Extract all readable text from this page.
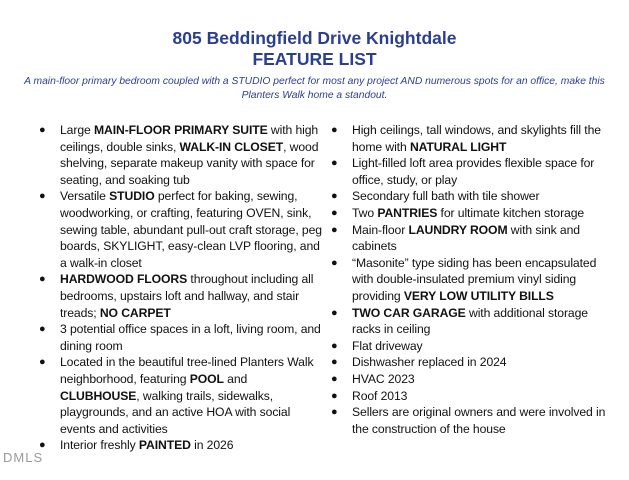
805 Beddingfield Drive Knightdale

FEATURE LIST

A main-floor primary bedroom coupled with a STUDIO perfect for most any project AND numerous spots for an office, make this Planters Walk home a standout.

● Large MAIN-FLOOR PRIMARY SUITE with high ceilings, double sinks, WALK-IN CLOSET, wood shelving, separate makeup vanity with space for seating, and soaking tub
● Versatile STUDIO perfect for baking, sewing, woodworking, or crafting, featuring OVEN, sink, sewing table, abundant pull-out craft storage, peg boards, SKYLIGHT, easy-clean LVP flooring, and a walk-in closet
● HARDWOOD FLOORS throughout including all bedrooms, upstairs loft and hallway, and stair treads; NO CARPET
● 3 potential office spaces in a loft, living room, and dining room
● Located in the beautiful tree-lined Planters Walk neighborhood, featuring POOL and CLUBHOUSE, walking trails, sidewalks, playgrounds, and an active HOA with social events and activities
● Interior freshly PAINTED in 2026
● High ceilings, tall windows, and skylights fill the home with NATURAL LIGHT
● Light-filled loft area provides flexible space for office, study, or play
● Secondary full bath with tile shower
● Two PANTRIES for ultimate kitchen storage
● Main-floor LAUNDRY ROOM with sink and cabinets
● “Masonite” type siding has been encapsulated with double-insulated premium vinyl siding providing VERY LOW UTILITY BILLS
● TWO CAR GARAGE with additional storage racks in ceiling
● Flat driveway
● Dishwasher replaced in 2024
● HVAC 2023
● Roof 2013
● Sellers are original owners and were involved in the construction of the house
DMLS
